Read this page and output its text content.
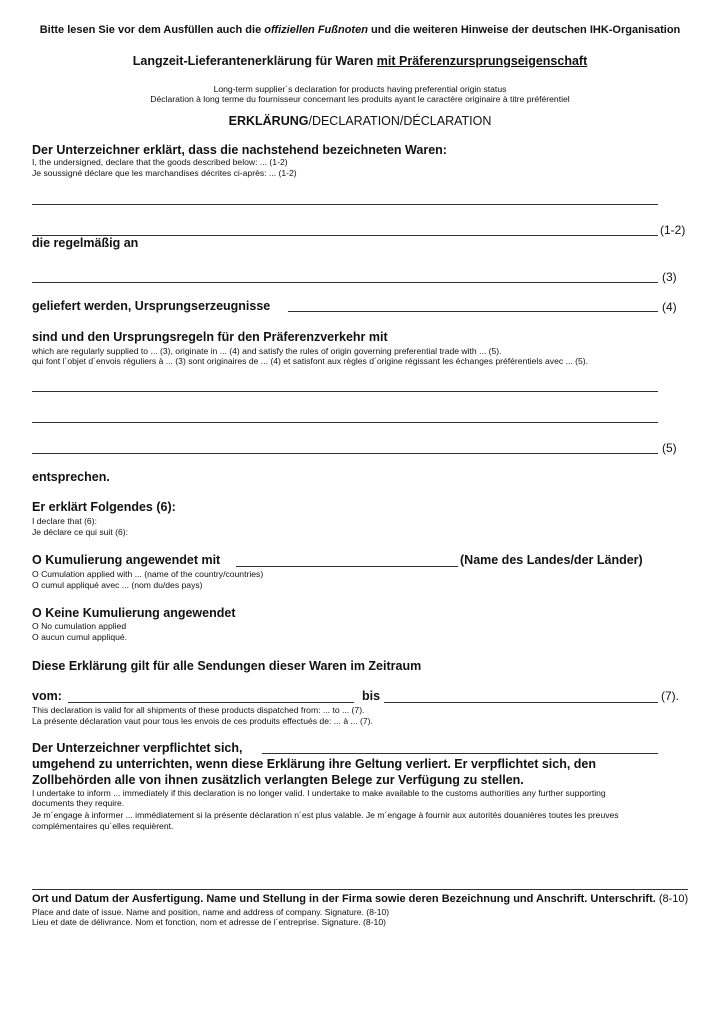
Bitte lesen Sie vor dem Ausfüllen auch die offiziellen Fußnoten und die weiteren Hinweise der deutschen IHK-Organisation
Langzeit-Lieferantenerklärung für Waren mit Präferenzursprungseigenschaft
Long-term supplier´s declaration for products having preferential origin status
Déclaration à long terme du fournisseur concernant les produits ayant le caractère originaire à titre préférentiel
ERKLÄRUNG/DECLARATION/DÉCLARATION
Der Unterzeichner erklärt, dass die nachstehend bezeichneten Waren:
I, the undersigned, declare that the goods described below: ... (1-2)
Je soussigné déclare que les marchandises décrites ci-après: ... (1-2)
(1-2)
die regelmäßig an
(3)
geliefert werden, Ursprungserzeugnisse	(4)
sind und den Ursprungsregeln für den Präferenzverkehr mit
which are regularly supplied to ... (3), originate in ... (4) and satisfy the rules of origin governing preferential trade with ... (5).
qui font l´objet d´envois réguliers à ... (3) sont originaires de ... (4) et satisfont aux règles d´origine régissant les échanges préférentiels avec ... (5).
(5)
entsprechen.
Er erklärt Folgendes (6):
I declare that (6):
Je déclare ce qui suit (6):
O Kumulierung angewendet mit	(Name des Landes/der Länder)
O Cumulation applied with ... (name of the country/countries)
O cumul appliqué avec ... (nom du/des pays)
O Keine Kumulierung angewendet
O No cumulation applied
O aucun cumul appliqué.
Diese Erklärung gilt für alle Sendungen dieser Waren im Zeitraum
vom:	bis	(7).
This declaration is valid for all shipments of these products dispatched from: ... to ... (7).
La présente déclaration vaut pour tous les envois de ces produits effectués de: ... à ... (7).
Der Unterzeichner verpflichtet sich,
umgehend zu unterrichten, wenn diese Erklärung ihre Geltung verliert. Er verpflichtet sich, den
Zollbehörden alle von ihnen zusätzlich verlangten Belege zur Verfügung zu stellen.
I undertake to inform ... immediately if this declaration is no longer valid. I undertake to make available to the customs authorities any further supporting
documents they require.
Je m´engage à informer ... immédiatement si la présente déclaration n´est plus valable. Je m´engage à fournir aux autorités douanières toutes les preuves
complémentaires qu´elles requièrent.
Ort und Datum der Ausfertigung. Name und Stellung in der Firma sowie deren Bezeichnung und Anschrift. Unterschrift. (8-10)
Place and date of issue. Name and position, name and address of company. Signature. (8-10)
Lieu et date de délivrance. Nom et fonction, nom et adresse de l´entreprise. Signature. (8-10)
